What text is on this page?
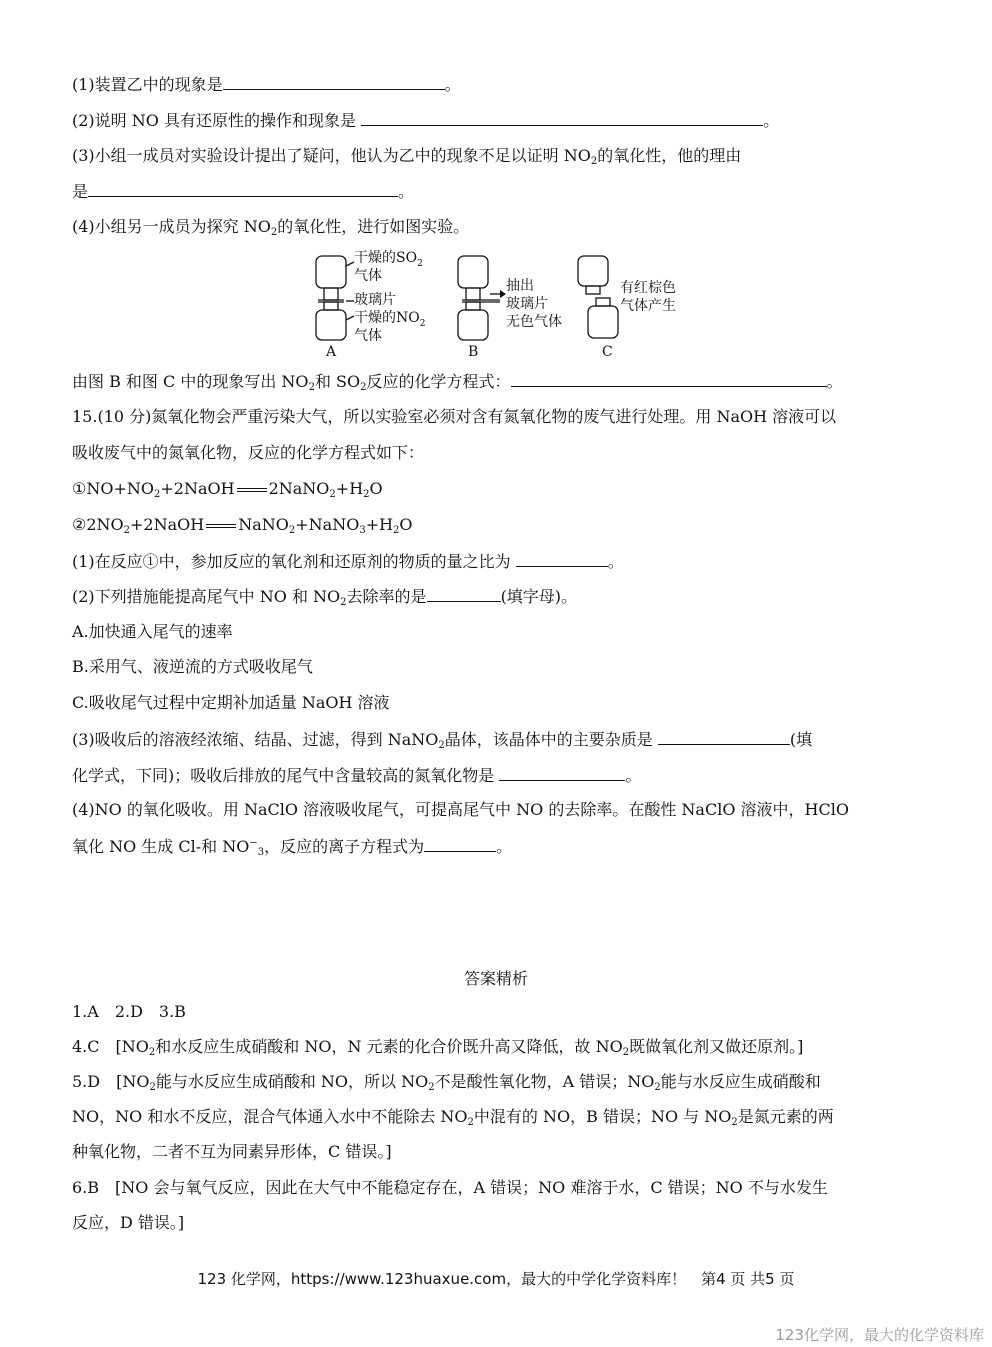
(1)装置乙中的现象是	。
(2)说明 NO 具有还原性的操作和现象是	。
(3)小组一成员对实验设计提出了疑问，他认为乙中的现象不足以证明 $NO_2$的氧化性，他的理由
是	。
(4)小组另一成员为探究 $NO_2$的氧化性，进行如图实验。
干燥的$SO_2$
气体
玻璃片
干燥的$NO_2$
气体
A
抽出
玻璃片
无色气体
B
有红棕色
气体产生
C
由图 B 和图 C 中的现象写出 $NO_2$和 $SO_2$反应的化学方程式：	。
15.(10 分)氮氧化物会严重污染大气，所以实验室必须对含有氮氧化物的废气进行处理。用 NaOH 溶液可以
吸收废气中的氮氧化物，反应的化学方程式如下：
$①NO+NO_2+2NaOH$ $2NaNO_2+H_2O$
$②2NO_2+2NaOH$ $NaNO_2+NaNO_3+H_2O$
(1)在反应①中，参加反应的氧化剂和还原剂的物质的量之比为	。
(2)下列措施能提高尾气中 NO 和 $NO_2$去除率的是	(填字母)。
A.加快通入尾气的速率
B.采用气、液逆流的方式吸收尾气
C.吸收尾气过程中定期补加适量 NaOH 溶液
(3)吸收后的溶液经浓缩、结晶、过滤，得到 NaNO$_2$晶体，该晶体中的主要杂质是	(填
化学式，下同)；吸收后排放的尾气中含量较高的氮氧化物是	。
(4)NO 的氧化吸收。用 NaClO 溶液吸收尾气，可提高尾气中 NO 的去除率。在酸性 NaClO 溶液中，HClO
氧化 NO 生成 Cl-和 $NO^-_3$，反应的离子方程式为	。
答案精析
1.A　2.D　3.B
4.C　[$NO_2$和水反应生成硝酸和 NO，N 元素的化合价既升高又降低，故 $NO_2$既做氧化剂又做还原剂。]
5.D　[$NO_2$能与水反应生成硝酸和 NO，所以 $NO_2$不是酸性氧化物，A 错误；$NO_2$能与水反应生成硝酸和
NO，NO 和水不反应，混合气体通入水中不能除去 $NO_2$中混有的 NO，B 错误；NO 与 $NO_2$是氮元素的两
种氧化物，二者不互为同素异形体，C 错误。]
6.B　[NO 会与氧气反应，因此在大气中不能稳定存在，A 错误；NO 难溶于水，C 错误；NO 不与水发生
反应，D 错误。]
123 化学网，https://www.123huaxue.com，最大的中学化学资料库！　第4 页 共5 页
123化学网，最大的化学资料库
